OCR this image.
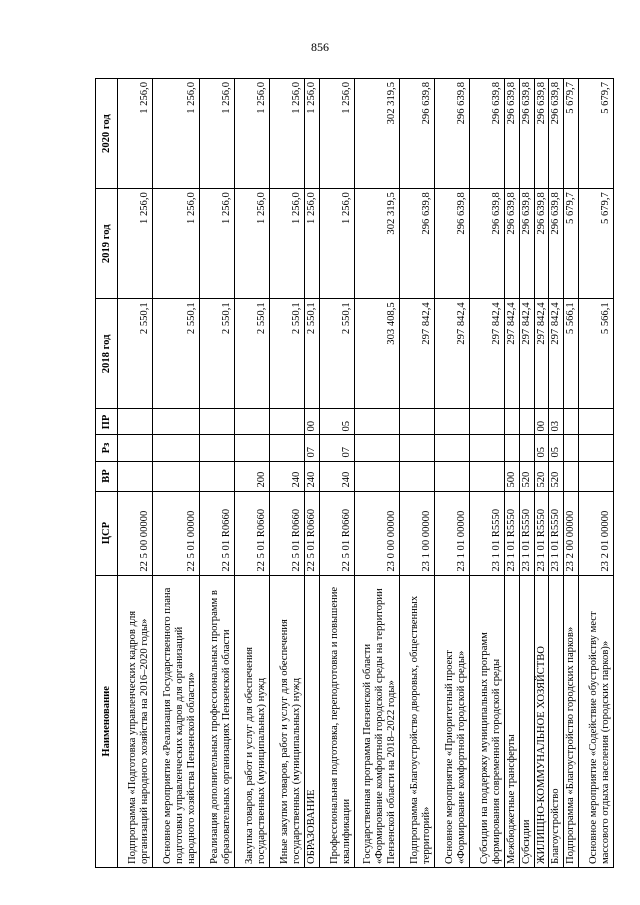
856
Наименование	ЦСР	ВР	Рз	ПР	2018 год	2019 год	2020 год
Подпрограмма «Подготовка управленческих кадров для организаций народного хозяйства на 2016–2020 годы»	22 5 00 00000				2 550,1	1 256,0	1 256,0
Основное мероприятие «Реализация Государственного плана подготовки управленческих кадров для организаций народного хозяйства Пензенской области»	22 5 01 00000				2 550,1	1 256,0	1 256,0
Реализация дополнительных профессиональных программ в образовательных организациях Пензенской области	22 5 01 R0660				2 550,1	1 256,0	1 256,0
Закупка товаров, работ и услуг для обеспечения государственных (муниципальных) нужд	22 5 01 R0660	200			2 550,1	1 256,0	1 256,0
Иные закупки товаров, работ и услуг для обеспечения государственных (муниципальных) нужд	22 5 01 R0660	240			2 550,1	1 256,0	1 256,0
ОБРАЗОВАНИЕ	22 5 01 R0660	240	07	00	2 550,1	1 256,0	1 256,0
Профессиональная подготовка, переподготовка и повышение квалификации	22 5 01 R0660	240	07	05	2 550,1	1 256,0	1 256,0
Государственная программа Пензенской области «Формирование комфортной городской среды на территории Пензенской области на 2018–2022 годы»	23 0 00 00000				303 408,5	302 319,5	302 319,5
Подпрограмма «Благоустройство дворовых, общественных территорий»	23 1 00 00000				297 842,4	296 639,8	296 639,8
Основное мероприятие «Приоритетный проект «Формирование комфортной городской среды»	23 1 01 00000				297 842,4	296 639,8	296 639,8
Субсидии на поддержку муниципальных программ формирования современной городской среды	23 1 01 R5550				297 842,4	296 639,8	296 639,8
Межбюджетные трансферты	23 1 01 R5550	500			297 842,4	296 639,8	296 639,8
Субсидии	23 1 01 R5550	520			297 842,4	296 639,8	296 639,8
ЖИЛИЩНО-КОММУНАЛЬНОЕ ХОЗЯЙСТВО	23 1 01 R5550	520	05	00	297 842,4	296 639,8	296 639,8
Благоустройство	23 1 01 R5550	520	05	03	297 842,4	296 639,8	296 639,8
Подпрограмма «Благоустройство городских парков»	23 2 00 00000				5 566,1	5 679,7	5 679,7
Основное мероприятие «Содействие обустройству мест массового отдыха населения (городских парков)»	23 2 01 00000				5 566,1	5 679,7	5 679,7
